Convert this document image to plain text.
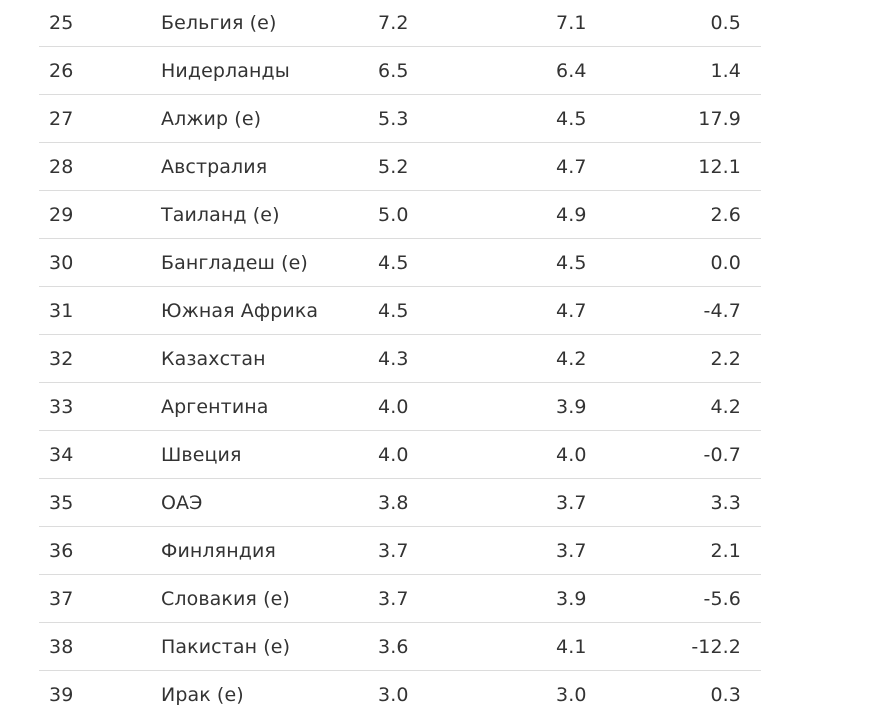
25	Бельгия (e)	7.2	7.1	0.5
26	Нидерланды	6.5	6.4	1.4
27	Алжир (e)	5.3	4.5	17.9
28	Австралия	5.2	4.7	12.1
29	Таиланд (e)	5.0	4.9	2.6
30	Бангладеш (e)	4.5	4.5	0.0
31	Южная Африка	4.5	4.7	-4.7
32	Казахстан	4.3	4.2	2.2
33	Аргентина	4.0	3.9	4.2
34	Швеция	4.0	4.0	-0.7
35	ОАЭ	3.8	3.7	3.3
36	Финляндия	3.7	3.7	2.1
37	Словакия (e)	3.7	3.9	-5.6
38	Пакистан (e)	3.6	4.1	-12.2
39	Ирак (e)	3.0	3.0	0.3
